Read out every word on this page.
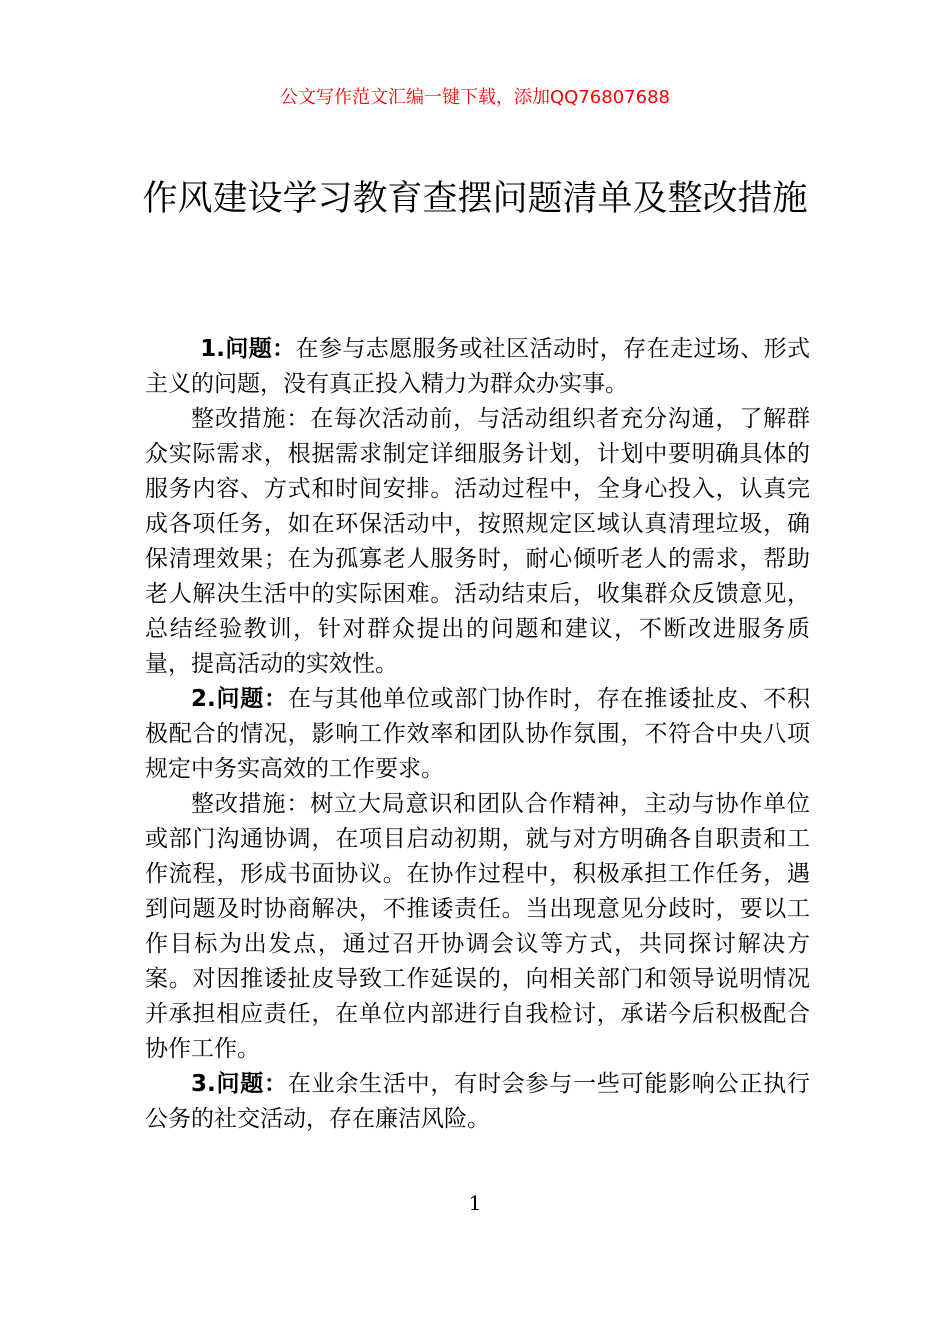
公文写作范文汇编一键下载，添加QQ76807688
作风建设学习教育查摆问题清单及整改措施

1.问题：在参与志愿服务或社区活动时，存在走过场、形式主义的问题，没有真正投入精力为群众办实事。

整改措施：在每次活动前，与活动组织者充分沟通，了解群众实际需求，根据需求制定详细服务计划，计划中要明确具体的服务内容、方式和时间安排。活动过程中，全身心投入，认真完成各项任务，如在环保活动中，按照规定区域认真清理垃圾，确保清理效果；在为孤寡老人服务时，耐心倾听老人的需求，帮助老人解决生活中的实际困难。活动结束后，收集群众反馈意见，总结经验教训，针对群众提出的问题和建议，不断改进服务质量，提高活动的实效性。

2.问题：在与其他单位或部门协作时，存在推诿扯皮、不积极配合的情况，影响工作效率和团队协作氛围，不符合中央八项规定中务实高效的工作要求。

整改措施：树立大局意识和团队合作精神，主动与协作单位或部门沟通协调，在项目启动初期，就与对方明确各自职责和工作流程，形成书面协议。在协作过程中，积极承担工作任务，遇到问题及时协商解决，不推诿责任。当出现意见分歧时，要以工作目标为出发点，通过召开协调会议等方式，共同探讨解决方案。对因推诿扯皮导致工作延误的，向相关部门和领导说明情况并承担相应责任，在单位内部进行自我检讨，承诺今后积极配合协作工作。

3.问题：在业余生活中，有时会参与一些可能影响公正执行公务的社交活动，存在廉洁风险。

1
